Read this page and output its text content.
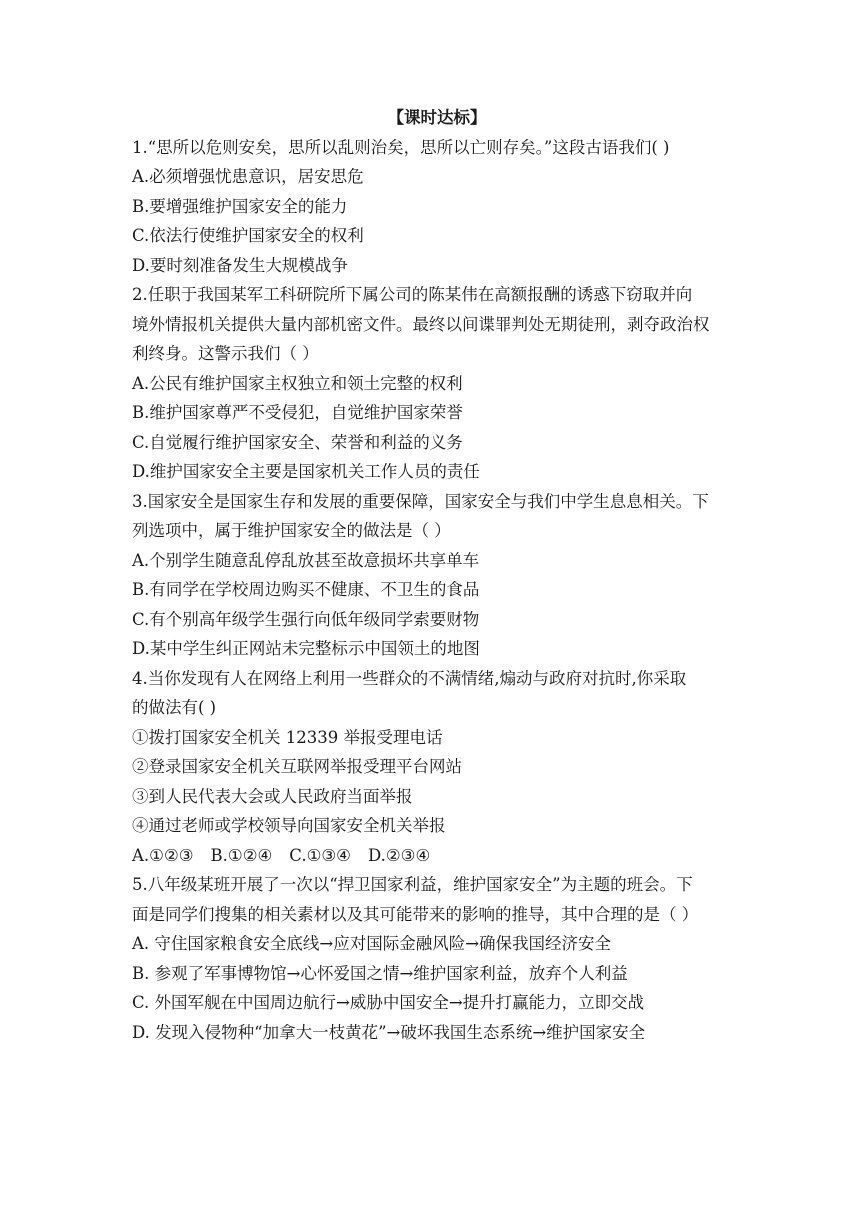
【课时达标】
1.“思所以危则安矣，思所以乱则治矣，思所以亡则存矣。”这段古语我们( )
A.必须增强忧患意识，居安思危
B.要增强维护国家安全的能力
C.依法行使维护国家安全的权利
D.要时刻准备发生大规模战争
2.任职于我国某军工科研院所下属公司的陈某伟在高额报酬的诱惑下窃取并向
境外情报机关提供大量内部机密文件。最终以间谍罪判处无期徒刑，剥夺政治权
利终身。这警示我们（ ）
A.公民有维护国家主权独立和领土完整的权利
B.维护国家尊严不受侵犯，自觉维护国家荣誉
C.自觉履行维护国家安全、荣誉和利益的义务
D.维护国家安全主要是国家机关工作人员的责任
3.国家安全是国家生存和发展的重要保障，国家安全与我们中学生息息相关。下
列选项中，属于维护国家安全的做法是（ ）
A.个别学生随意乱停乱放甚至故意损坏共享单车
B.有同学在学校周边购买不健康、不卫生的食品
C.有个别高年级学生强行向低年级同学索要财物
D.某中学生纠正网站未完整标示中国领土的地图
4.当你发现有人在网络上利用一些群众的不满情绪,煽动与政府对抗时,你采取
的做法有( )
①拨打国家安全机关 12339 举报受理电话
②登录国家安全机关互联网举报受理平台网站
③到人民代表大会或人民政府当面举报
④通过老师或学校领导向国家安全机关举报
A.①②③ B.①②④ C.①③④ D.②③④
5.八年级某班开展了一次以“捍卫国家利益，维护国家安全”为主题的班会。下
面是同学们搜集的相关素材以及其可能带来的影响的推导，其中合理的是（ ）
A. 守住国家粮食安全底线→应对国际金融风险→确保我国经济安全
B. 参观了军事博物馆→心怀爱国之情→维护国家利益，放弃个人利益
C. 外国军舰在中国周边航行→威胁中国安全→提升打赢能力，立即交战
D. 发现入侵物种“加拿大一枝黄花”→破坏我国生态系统→维护国家安全
